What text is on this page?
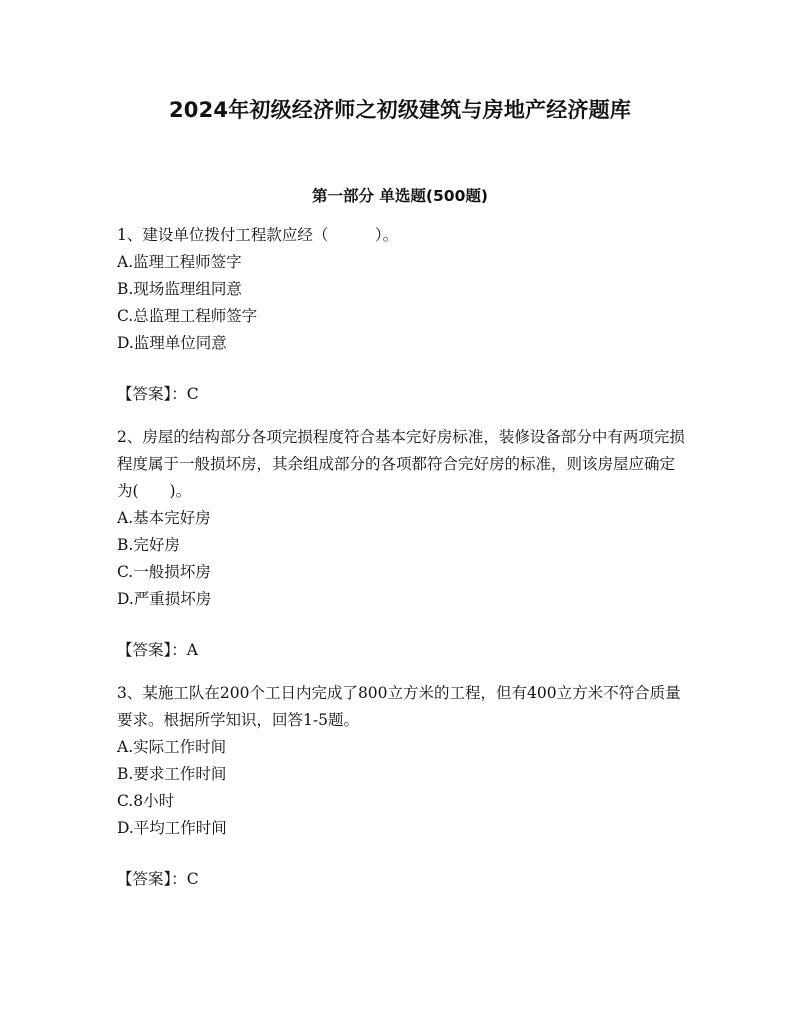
2024年初级经济师之初级建筑与房地产经济题库
第一部分 单选题(500题)

1、建设单位拨付工程款应经（　　　）。

A.监理工程师签字
B.现场监理组同意
C.总监理工程师签字
D.监理单位同意
【答案】：C

2、房屋的结构部分各项完损程度符合基本完好房标准，装修设备部分中有两项完损程度属于一般损坏房，其余组成部分的各项都符合完好房的标准，则该房屋应确定为(　　)。

A.基本完好房
B.完好房
C.一般损坏房
D.严重损坏房
【答案】：A

3、某施工队在200个工日内完成了800立方米的工程，但有400立方米不符合质量要求。根据所学知识，回答1-5题。

A.实际工作时间
B.要求工作时间
C.8小时
D.平均工作时间
【答案】：C
